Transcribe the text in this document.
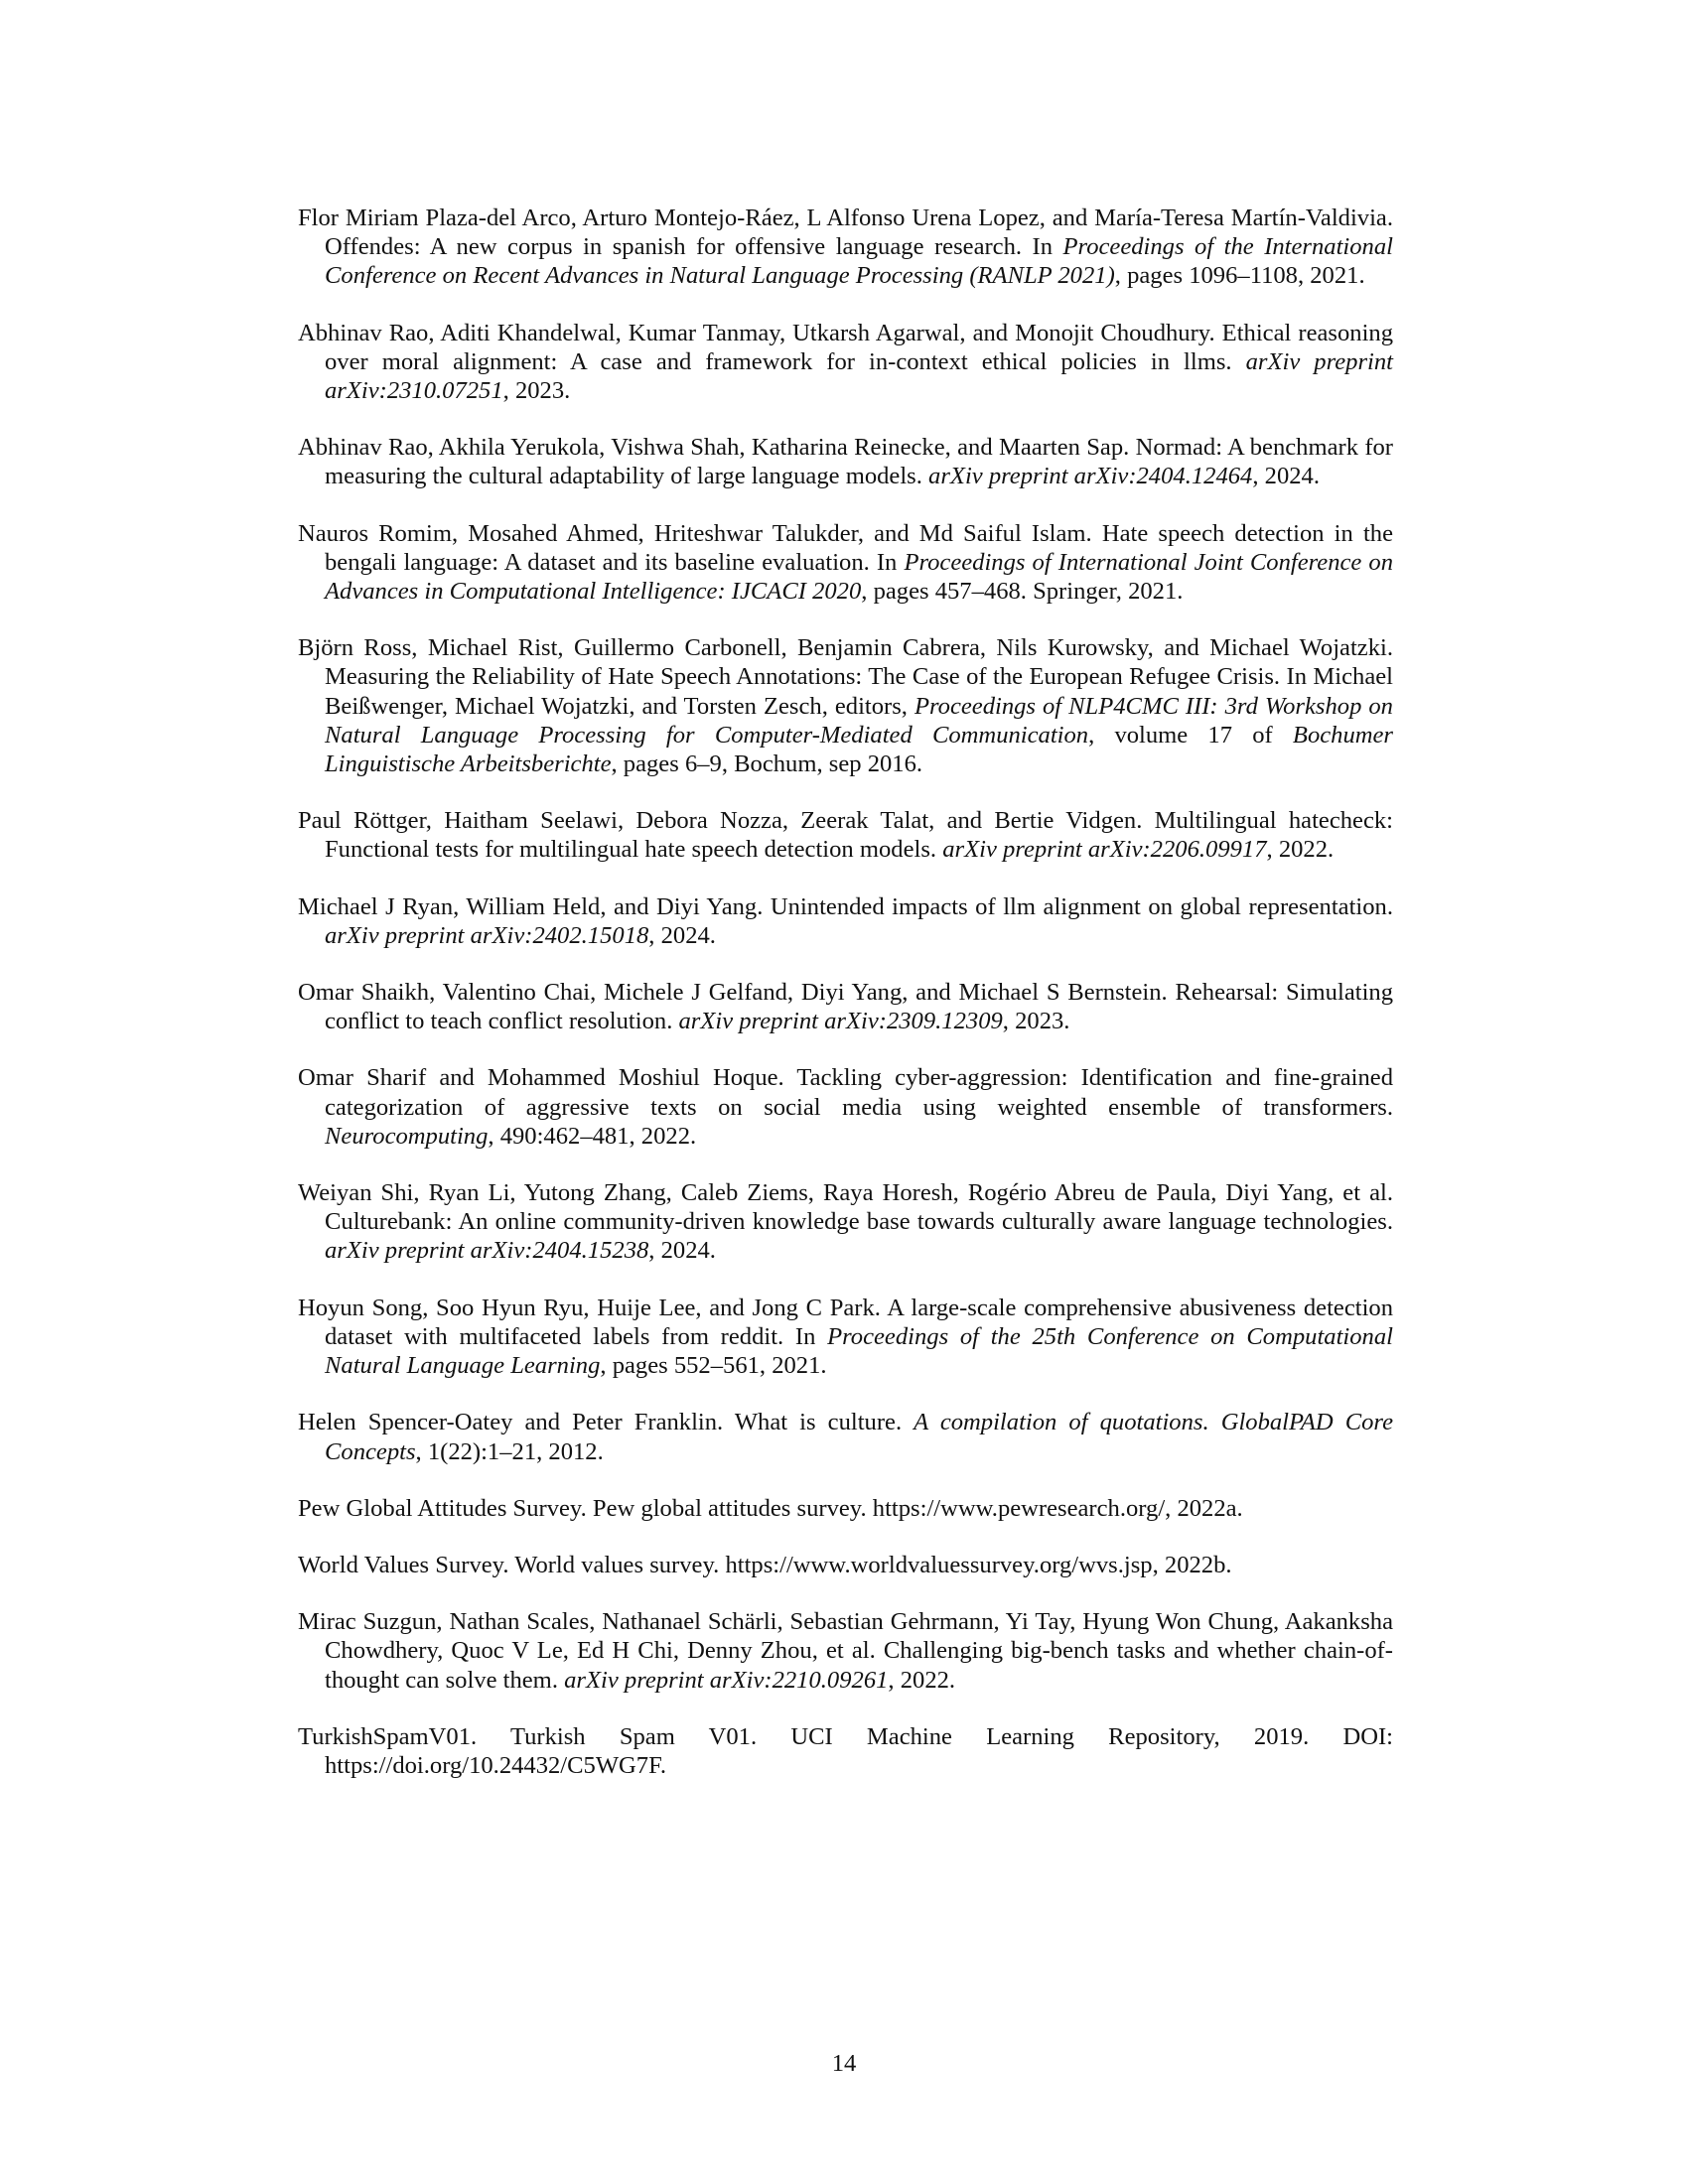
Flor Miriam Plaza-del Arco, Arturo Montejo-Ráez, L Alfonso Urena Lopez, and María-Teresa Martín-Valdivia. Offendes: A new corpus in spanish for offensive language research. In Proceedings of the International Conference on Recent Advances in Natural Language Processing (RANLP 2021), pages 1096–1108, 2021.

Abhinav Rao, Aditi Khandelwal, Kumar Tanmay, Utkarsh Agarwal, and Monojit Choudhury. Ethical reasoning over moral alignment: A case and framework for in-context ethical policies in llms. arXiv preprint arXiv:2310.07251, 2023.

Abhinav Rao, Akhila Yerukola, Vishwa Shah, Katharina Reinecke, and Maarten Sap. Normad: A benchmark for measuring the cultural adaptability of large language models. arXiv preprint arXiv:2404.12464, 2024.

Nauros Romim, Mosahed Ahmed, Hriteshwar Talukder, and Md Saiful Islam. Hate speech detection in the bengali language: A dataset and its baseline evaluation. In Proceedings of International Joint Conference on Advances in Computational Intelligence: IJCACI 2020, pages 457–468. Springer, 2021.

Björn Ross, Michael Rist, Guillermo Carbonell, Benjamin Cabrera, Nils Kurowsky, and Michael Wojatzki. Measuring the Reliability of Hate Speech Annotations: The Case of the European Refugee Crisis. In Michael Beißwenger, Michael Wojatzki, and Torsten Zesch, editors, Proceedings of NLP4CMC III: 3rd Workshop on Natural Language Processing for Computer-Mediated Communication, volume 17 of Bochumer Linguistische Arbeitsberichte, pages 6–9, Bochum, sep 2016.

Paul Röttger, Haitham Seelawi, Debora Nozza, Zeerak Talat, and Bertie Vidgen. Multilingual hatecheck: Functional tests for multilingual hate speech detection models. arXiv preprint arXiv:2206.09917, 2022.

Michael J Ryan, William Held, and Diyi Yang. Unintended impacts of llm alignment on global representation. arXiv preprint arXiv:2402.15018, 2024.

Omar Shaikh, Valentino Chai, Michele J Gelfand, Diyi Yang, and Michael S Bernstein. Rehearsal: Simulating conflict to teach conflict resolution. arXiv preprint arXiv:2309.12309, 2023.

Omar Sharif and Mohammed Moshiul Hoque. Tackling cyber-aggression: Identification and fine-grained categorization of aggressive texts on social media using weighted ensemble of transformers. Neurocomputing, 490:462–481, 2022.

Weiyan Shi, Ryan Li, Yutong Zhang, Caleb Ziems, Raya Horesh, Rogério Abreu de Paula, Diyi Yang, et al. Culturebank: An online community-driven knowledge base towards culturally aware language technologies. arXiv preprint arXiv:2404.15238, 2024.

Hoyun Song, Soo Hyun Ryu, Huije Lee, and Jong C Park. A large-scale comprehensive abusiveness detection dataset with multifaceted labels from reddit. In Proceedings of the 25th Conference on Computational Natural Language Learning, pages 552–561, 2021.

Helen Spencer-Oatey and Peter Franklin. What is culture. A compilation of quotations. GlobalPAD Core Concepts, 1(22):1–21, 2012.

Pew Global Attitudes Survey. Pew global attitudes survey. https://www.pewresearch.org/, 2022a.

World Values Survey. World values survey. https://www.worldvaluessurvey.org/wvs.jsp, 2022b.

Mirac Suzgun, Nathan Scales, Nathanael Schärli, Sebastian Gehrmann, Yi Tay, Hyung Won Chung, Aakanksha Chowdhery, Quoc V Le, Ed H Chi, Denny Zhou, et al. Challenging big-bench tasks and whether chain-of-thought can solve them. arXiv preprint arXiv:2210.09261, 2022.

TurkishSpamV01. Turkish Spam V01. UCI Machine Learning Repository, 2019. DOI: https://doi.org/10.24432/C5WG7F.

14
